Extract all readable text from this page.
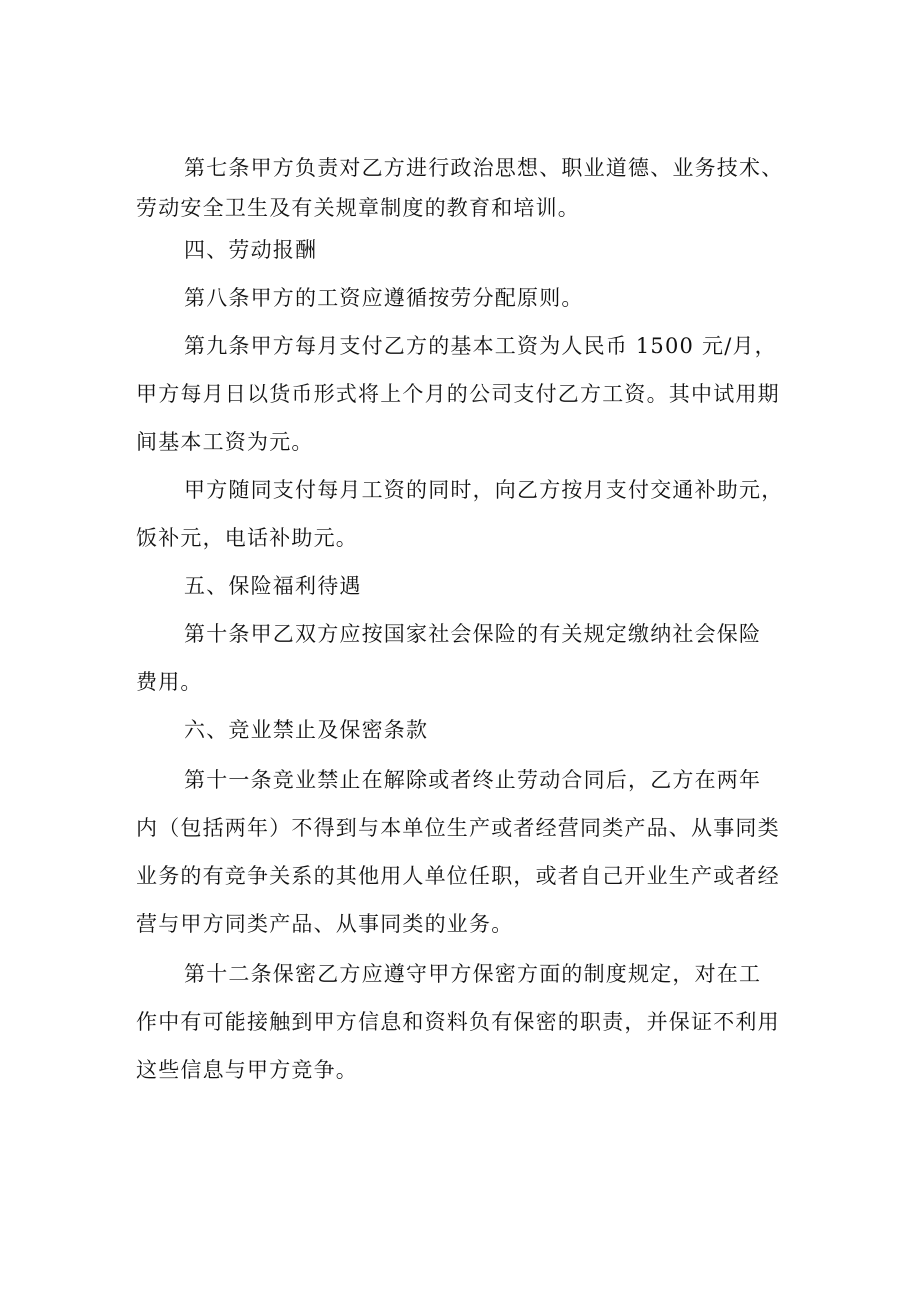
第七条甲方负责对乙方进行政治思想、职业道德、业务技术、
劳动安全卫生及有关规章制度的教育和培训。
四、劳动报酬
第八条甲方的工资应遵循按劳分配原则。
第九条甲方每月支付乙方的基本工资为人民币 1500 元/月，
甲方每月日以货币形式将上个月的公司支付乙方工资。其中试用期
间基本工资为元。
甲方随同支付每月工资的同时，向乙方按月支付交通补助元，
饭补元，电话补助元。
五、保险福利待遇
第十条甲乙双方应按国家社会保险的有关规定缴纳社会保险
费用。
六、竞业禁止及保密条款
第十一条竞业禁止在解除或者终止劳动合同后，乙方在两年
内（包括两年）不得到与本单位生产或者经营同类产品、从事同类
业务的有竞争关系的其他用人单位任职，或者自己开业生产或者经
营与甲方同类产品、从事同类的业务。
第十二条保密乙方应遵守甲方保密方面的制度规定，对在工
作中有可能接触到甲方信息和资料负有保密的职责，并保证不利用
这些信息与甲方竞争。
